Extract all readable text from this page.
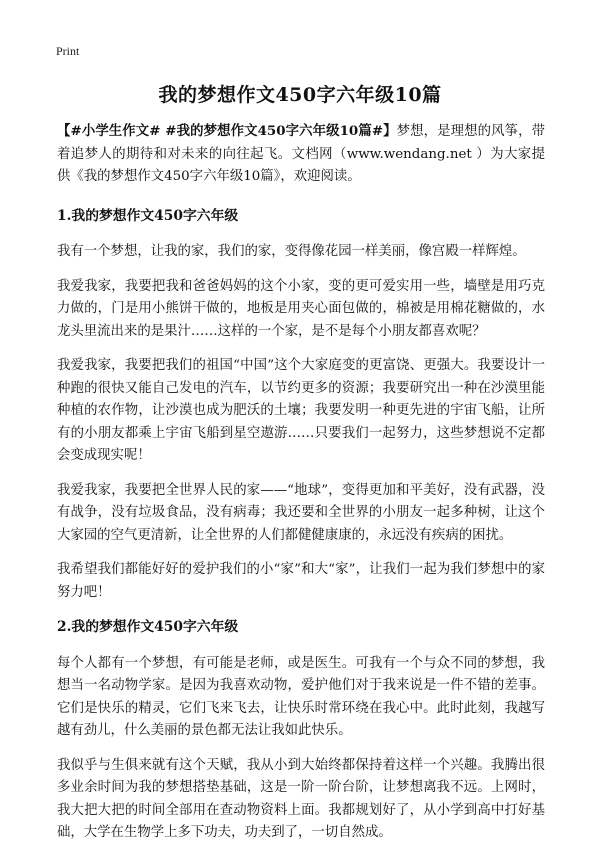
Print
我的梦想作文450字六年级10篇

【#小学生作文# #我的梦想作文450字六年级10篇#】梦想，是理想的风筝，带着追梦人的期待和对未来的向往起飞。文档网（www.wendang.net ）为大家提供《我的梦想作文450字六年级10篇》，欢迎阅读。

1.我的梦想作文450字六年级

我有一个梦想，让我的家，我们的家，变得像花园一样美丽，像宫殿一样辉煌。

我爱我家，我要把我和爸爸妈妈的这个小家，变的更可爱实用一些，墙壁是用巧克力做的，门是用小熊饼干做的，地板是用夹心面包做的，棉被是用棉花糖做的，水龙头里流出来的是果汁……这样的一个家，是不是每个小朋友都喜欢呢？

我爱我家，我要把我们的祖国“中国”这个大家庭变的更富饶、更强大。我要设计一种跑的很快又能自己发电的汽车，以节约更多的资源；我要研究出一种在沙漠里能种植的农作物，让沙漠也成为肥沃的土壤；我要发明一种更先进的宇宙飞船，让所有的小朋友都乘上宇宙飞船到星空遨游……只要我们一起努力，这些梦想说不定都会变成现实呢！

我爱我家，我要把全世界人民的家——“地球”，变得更加和平美好，没有武器，没有战争，没有垃圾食品，没有病毒；我还要和全世界的小朋友一起多种树，让这个大家园的空气更清新，让全世界的人们都健健康康的，永远没有疾病的困扰。

我希望我们都能好好的爱护我们的小“家”和大“家”，让我们一起为我们梦想中的家努力吧！

2.我的梦想作文450字六年级

每个人都有一个梦想，有可能是老师，或是医生。可我有一个与众不同的梦想，我想当一名动物学家。是因为我喜欢动物，爱护他们对于我来说是一件不错的差事。它们是快乐的精灵，它们飞来飞去，让快乐时常环绕在我心中。此时此刻，我越写越有劲儿，什么美丽的景色都无法让我如此快乐。

我似乎与生俱来就有这个天赋，我从小到大始终都保持着这样一个兴趣。我腾出很多业余时间为我的梦想搭垫基础，这是一阶一阶台阶，让梦想离我不远。上网时，我大把大把的时间全部用在查动物资料上面。我都规划好了，从小学到高中打好基础，大学在生物学上多下功夫，功夫到了，一切自然成。
